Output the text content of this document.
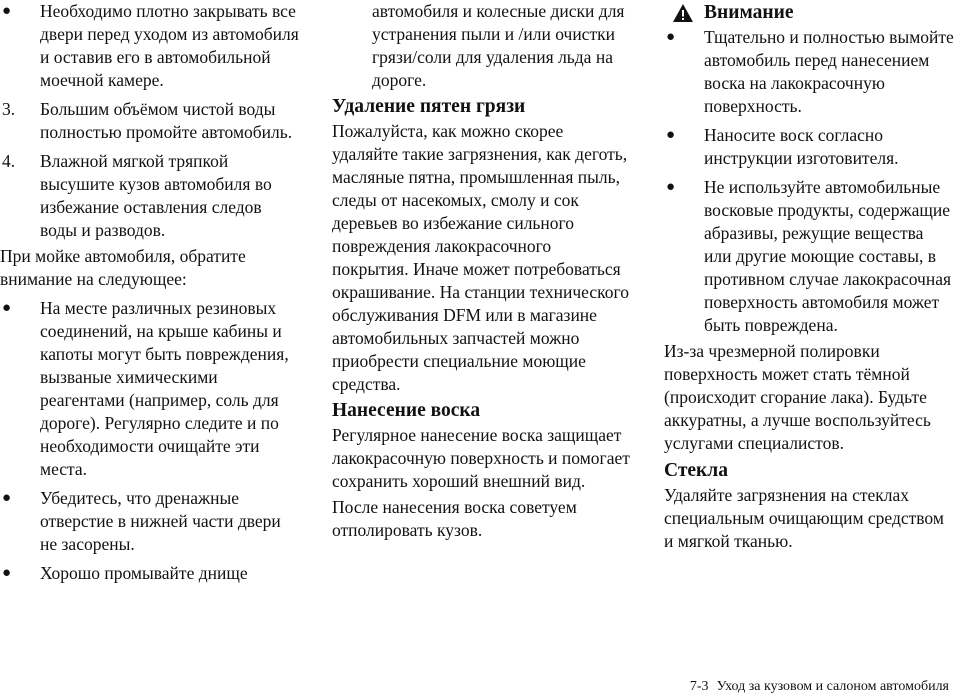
● Необходимо плотно закрывать все двери перед уходом из автомобиля и оставив его в автомобильной моечной камере.
3. Большим объёмом чистой воды полностью промойте автомобиль.
4. Влажной мягкой тряпкой высушите кузов автомобиля во избежание оставления следов воды и разводов.

При мойке автомобиля, обратите внимание на следующее:

● На месте различных резиновых соединений, на крыше кабины и капоты могут быть повреждения, вызваные химическими реагентами (например, соль для дороге). Регулярно следите и по необходимости очищайте эти места.
● Убедитесь, что дренажные отверстие в нижней части двери не засорены.
● Хорошо промывайте днище

автомобиля и колесные диски для устранения пыли и /или очистки грязи/соли для удаления льда на дороге.

Удаление пятен грязи

Пожалуйста, как можно скорее удаляйте такие загрязнения, как деготь, масляные пятна, промышленная пыль, следы от насекомых, смолу и сок деревьев во избежание сильного повреждения лакокрасочного покрытия. Иначе может потребоваться окрашивание. На станции технического обслуживания DFM или в магазине автомобильных запчастей можно приобрести специальние моющие средства.

Нанесение воска

Регулярное нанесение воска защищает лакокрасочную поверхность и помогает сохранить хороший внешний вид.

После нанесения воска советуем отполировать кузов.

Внимание
● Тщательно и полностью вымойте автомобиль перед нанесением воска на лакокрасочную поверхность.
● Наносите воск согласно инструкции изготовителя.
● Не используйте автомобильные восковые продукты, содержащие абразивы, режущие вещества или другие моющие составы, в противном случае лакокрасочная поверхность автомобиля может быть повреждена.

Из-за чрезмерной полировки поверхность может стать тёмной (происходит сгорание лака). Будьте аккуратны, а лучше воспользуйтесь услугами специалистов.

Стекла

Удаляйте загрязнения на стеклах специальным очищающим средством и мягкой тканью.

7-3 Уход за кузовом и салоном автомобиля
